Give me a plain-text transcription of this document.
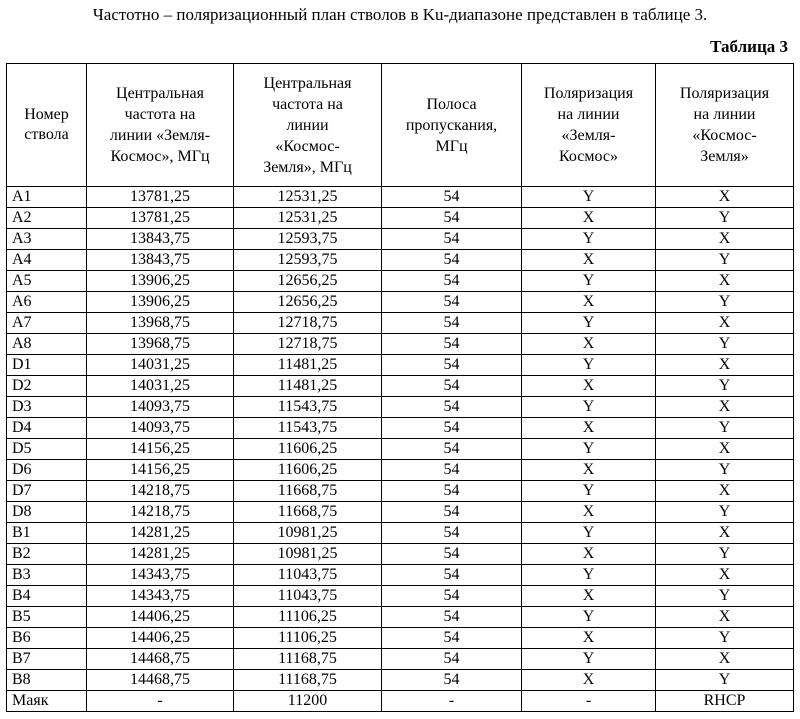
Частотно – поляризационный план стволов в Ku-диапазоне представлен в таблице 3.
Таблица 3
Номер
ствола	Центральная
частота на
линии «Земля-
Космос», МГц	Центральная
частота на
линии
«Космос-
Земля», МГц	Полоса
пропускания,
МГц	Поляризация
на линии
«Земля-
Космос»	Поляризация
на линии
«Космос-
Земля»
A1	13781,25	12531,25	54	Y	X
A2	13781,25	12531,25	54	X	Y
A3	13843,75	12593,75	54	Y	X
A4	13843,75	12593,75	54	X	Y
A5	13906,25	12656,25	54	Y	X
A6	13906,25	12656,25	54	X	Y
A7	13968,75	12718,75	54	Y	X
A8	13968,75	12718,75	54	X	Y
D1	14031,25	11481,25	54	Y	X
D2	14031,25	11481,25	54	X	Y
D3	14093,75	11543,75	54	Y	X
D4	14093,75	11543,75	54	X	Y
D5	14156,25	11606,25	54	Y	X
D6	14156,25	11606,25	54	X	Y
D7	14218,75	11668,75	54	Y	X
D8	14218,75	11668,75	54	X	Y
B1	14281,25	10981,25	54	Y	X
B2	14281,25	10981,25	54	X	Y
B3	14343,75	11043,75	54	Y	X
B4	14343,75	11043,75	54	X	Y
B5	14406,25	11106,25	54	Y	X
B6	14406,25	11106,25	54	X	Y
B7	14468,75	11168,75	54	Y	X
B8	14468,75	11168,75	54	X	Y
Маяк	-	11200	-	-	RHCP
